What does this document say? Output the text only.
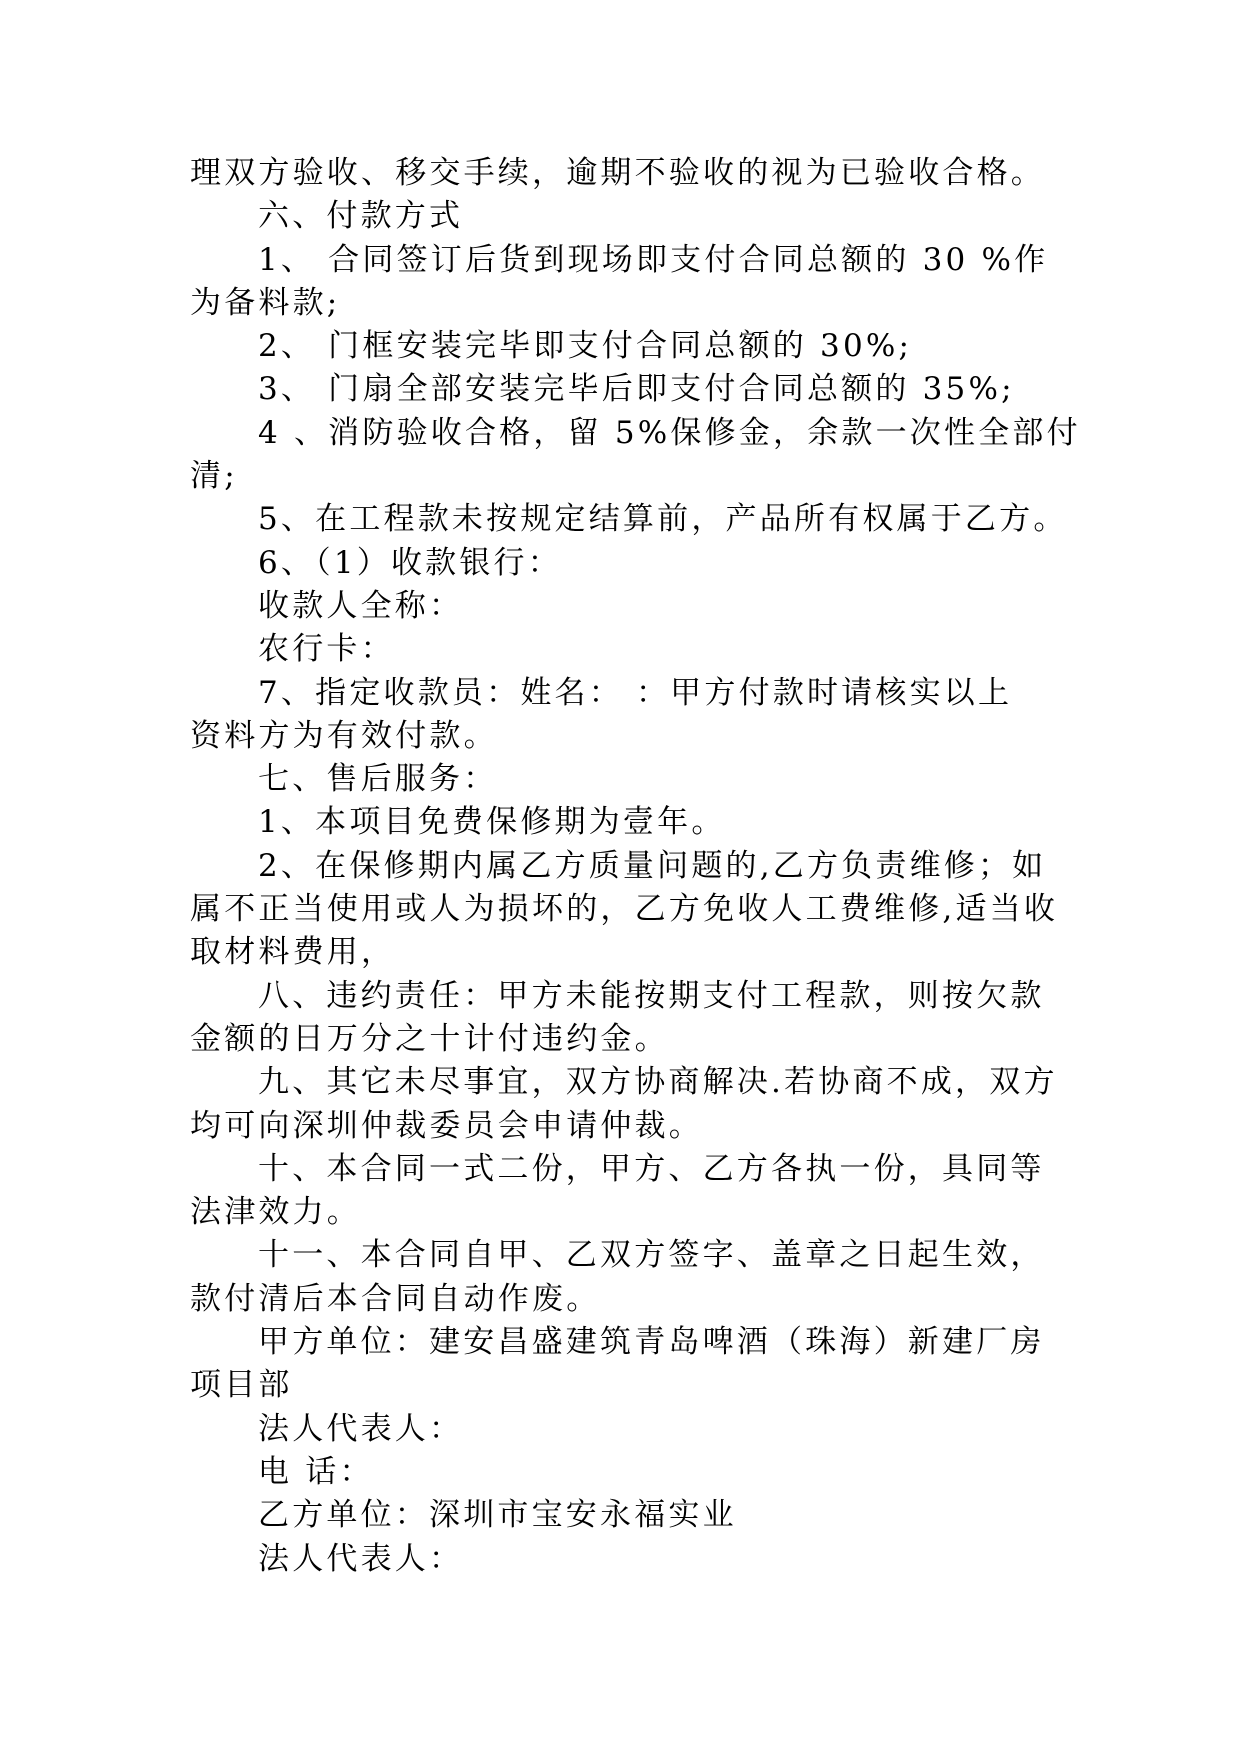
理双方验收、移交手续，逾期不验收的视为已验收合格。
六、付款方式
1、 合同签订后货到现场即支付合同总额的 30 %作
为备料款;
2、 门框安装完毕即支付合同总额的 30%;
3、 门扇全部安装完毕后即支付合同总额的 35%;
4 、消防验收合格，留 5%保修金，余款一次性全部付
清;
5、在工程款未按规定结算前，产品所有权属于乙方。
6、（1）收款银行：
收款人全称：
农行卡：
7、指定收款员：姓名： ：甲方付款时请核实以上
资料方为有效付款。
七、售后服务：
1、本项目免费保修期为壹年。
2、在保修期内属乙方质量问题的,乙方负责维修；如
属不正当使用或人为损坏的，乙方免收人工费维修,适当收
取材料费用，
八、违约责任：甲方未能按期支付工程款，则按欠款
金额的日万分之十计付违约金。
九、其它未尽事宜，双方协商解决.若协商不成，双方
均可向深圳仲裁委员会申请仲裁。
十、本合同一式二份，甲方、乙方各执一份，具同等
法津效力。
十一、本合同自甲、乙双方签字、盖章之日起生效，
款付清后本合同自动作废。
甲方单位：建安昌盛建筑青岛啤酒（珠海）新建厂房
项目部
法人代表人：
电 话：
乙方单位：深圳市宝安永福实业
法人代表人：
